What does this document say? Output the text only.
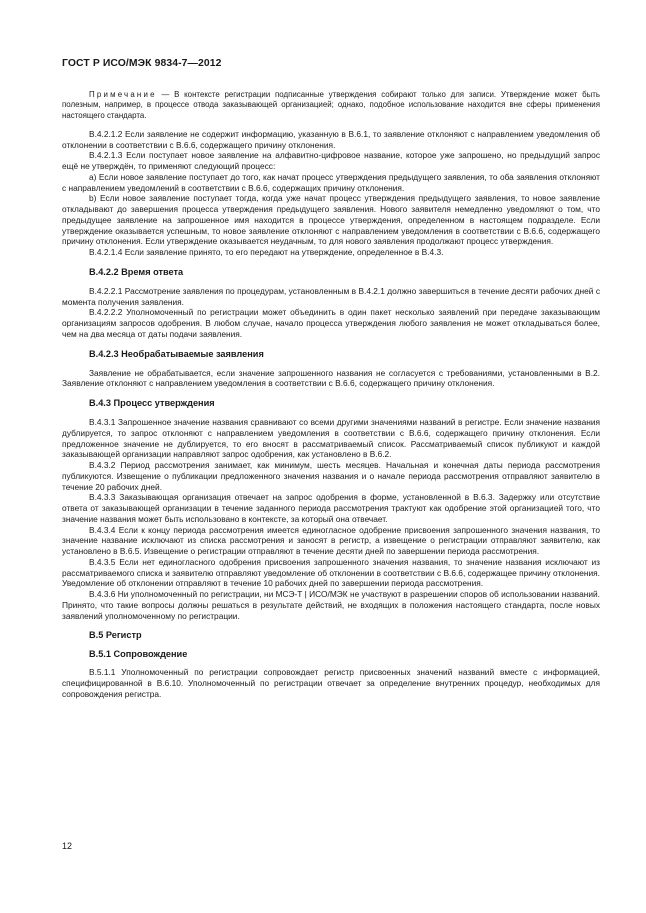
ГОСТ Р ИСО/МЭК 9834-7—2012

Примечание — В контексте регистрации подписанные утверждения собирают только для записи. Утверждение может быть полезным, например, в процессе отвода заказывающей организацией; однако, подобное использование находится вне сферы применения настоящего стандарта.

В.4.2.1.2 Если заявление не содержит информацию, указанную в В.6.1, то заявление отклоняют с направлением уведомления об отклонении в соответствии с В.6.6, содержащего причину отклонения.

В.4.2.1.3 Если поступает новое заявление на алфавитно-цифровое название, которое уже запрошено, но предыдущий запрос ещё не утверждён, то применяют следующий процесс:

а) Если новое заявление поступает до того, как начат процесс утверждения предыдущего заявления, то оба заявления отклоняют с направлением уведомлений в соответствии с В.6.6, содержащих причину отклонения.

b) Если новое заявление поступает тогда, когда уже начат процесс утверждения предыдущего заявления, то новое заявление откладывают до завершения процесса утверждения предыдущего заявления. Нового заявителя немедленно уведомляют о том, что предыдущее заявление на запрошенное имя находится в процессе утверждения, определенном в настоящем подразделе. Если утверждение оказывается успешным, то новое заявление отклоняют с направлением уведомления в соответствии с В.6.6, содержащего причину отклонения. Если утверждение оказывается неудачным, то для нового заявления продолжают процесс утверждения.

В.4.2.1.4 Если заявление принято, то его передают на утверждение, определенное в В.4.3.

В.4.2.2 Время ответа

В.4.2.2.1 Рассмотрение заявления по процедурам, установленным в В.4.2.1 должно завершиться в течение десяти рабочих дней с момента получения заявления.

В.4.2.2.2 Уполномоченный по регистрации может объединить в один пакет несколько заявлений при передаче заказывающим организациям запросов одобрения. В любом случае, начало процесса утверждения любого заявления не может откладываться более, чем на два месяца от даты подачи заявления.

В.4.2.3 Необрабатываемые заявления

Заявление не обрабатывается, если значение запрошенного названия не согласуется с требованиями, установленными в В.2. Заявление отклоняют с направлением уведомления в соответствии с В.6.6, содержащего причину отклонения.

В.4.3 Процесс утверждения

В.4.3.1 Запрошенное значение названия сравнивают со всеми другими значениями названий в регистре. Если значение названия дублируется, то запрос отклоняют с направлением уведомления в соответствии с В.6.6, содержащего причину отклонения. Если предложенное значение не дублируется, то его вносят в рассматриваемый список. Рассматриваемый список публикуют и каждой заказывающей организации направляют запрос одобрения, как установлено в В.6.2.

В.4.3.2 Период рассмотрения занимает, как минимум, шесть месяцев. Начальная и конечная даты периода рассмотрения публикуются. Извещение о публикации предложенного значения названия и о начале периода рассмотрения отправляют заявителю в течение 20 рабочих дней.

В.4.3.3 Заказывающая организация отвечает на запрос одобрения в форме, установленной в В.6.3. Задержку или отсутствие ответа от заказывающей организации в течение заданного периода рассмотрения трактуют как одобрение этой организацией того, что значение названия может быть использовано в контексте, за который она отвечает.

В.4.3.4 Если к концу периода рассмотрения имеется единогласное одобрение присвоения запрошенного значения названия, то значение название исключают из списка рассмотрения и заносят в регистр, а извещение о регистрации отправляют заявителю, как установлено в В.6.5. Извещение о регистрации отправляют в течение десяти дней по завершении периода рассмотрения.

В.4.3.5 Если нет единогласного одобрения присвоения запрошенного значения названия, то значение названия исключают из рассматриваемого списка и заявителю отправляют уведомление об отклонении в соответствии с В.6.6, содержащее причину отклонения. Уведомление об отклонении отправляют в течение 10 рабочих дней по завершении периода рассмотрения.

В.4.3.6 Ни уполномоченный по регистрации, ни МСЭ-Т | ИСО/МЭК не участвуют в разрешении споров об использовании названий. Принято, что такие вопросы должны решаться в результате действий, не входящих в положения настоящего стандарта, после новых заявлений уполномоченному по регистрации.

В.5 Регистр
В.5.1 Сопровождение

В.5.1.1 Уполномоченный по регистрации сопровождает регистр присвоенных значений названий вместе с информацией, специфицированной в В.6.10. Уполномоченный по регистрации отвечает за определение внутренних процедур, необходимых для сопровождения регистра.

12
